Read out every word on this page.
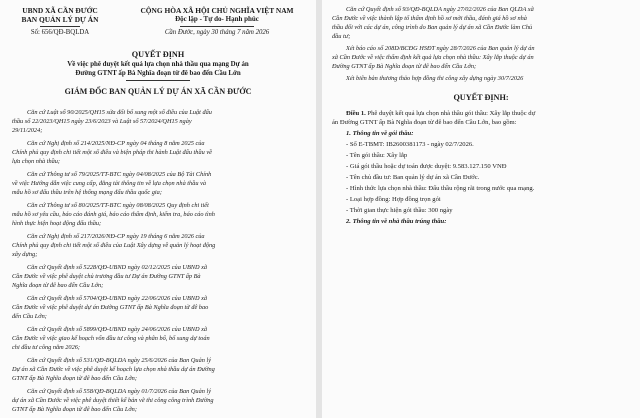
UBND XÃ CẦN ĐƯỚC
BAN QUẢN LÝ DỰ ÁN
Số: 656/QĐ-BQLDA
CỘNG HÒA XÃ HỘI CHỦ NGHĨA VIỆT NAM
Độc lập - Tự do- Hạnh phúc
Cần Đước, ngày 30 tháng 7 năm 2026
QUYẾT ĐỊNH
Về việc phê duyệt kết quả lựa chọn nhà thầu qua mạng Dự án
Đường GTNT ấp Bà Nghĩa đoạn từ đê bao đến Cầu Lớn
GIÁM ĐỐC BAN QUẢN LÝ DỰ ÁN XÃ CẦN ĐƯỚC
Căn cứ Luật số 90/2025/QH15 sửa đổi bổ sung một số điều của Luật đấu
thầu số 22/2023/QH15 ngày 23/6/2023 và Luật số 57/2024/QH15 ngày
29/11/2024;
Căn cứ Nghị định số 214/2025/NĐ-CP ngày 04 tháng 8 năm 2025 của
Chính phủ quy định chi tiết một số điều và biện pháp thi hành Luật đấu thầu về
lựa chọn nhà thầu;
Căn cứ Thông tư số 79/2025/TT-BTC ngày 04/08/2025 của Bộ Tài Chính
về việc Hướng dẫn việc cung cấp, đăng tải thông tin về lựa chọn nhà thầu và
mẫu hồ sơ đấu thầu trên hệ thống mạng đấu thầu quốc gia;
Căn cứ Thông tư số 80/2025/TT-BTC ngày 08/08/2025 Quy định chi tiết
mẫu hồ sơ yêu cầu, báo cáo đánh giá, báo cáo thẩm định, kiểm tra, báo cáo tình
hình thực hiện hoạt động đấu thầu;
Căn cứ Nghị định số 217/2026/NĐ-CP ngày 19 tháng 6 năm 2026 của
Chính phủ quy định chi tiết một số điều của Luật Xây dựng về quản lý hoạt động
xây dựng;
Căn cứ Quyết định số 5228/QĐ-UBND ngày 02/12/2025 của UBND xã
Cần Đước về việc phê duyệt chủ trương đầu tư Dự án Đường GTNT ấp Bà
Nghĩa đoạn từ đê bao đến Cầu Lớn;
Căn cứ Quyết định số 5704/QĐ-UBND ngày 22/06/2026 của UBND xã
Cần Đước về việc phê duyệt dự án Đường GTNT ấp Bà Nghĩa đoạn từ đê bao
đến Cầu Lớn;
Căn cứ Quyết định số 5899/QĐ-UBND ngày 24/06/2026 của UBND xã
Cần Đước về việc giao kế hoạch vốn đầu tư công và phân bổ, bổ sung dự toán
chi đầu tư công năm 2026;
Căn cứ Quyết định số 531/QĐ-BQLDA ngày 25/6/2026 của Ban Quản lý
Dự án xã Cần Đước về việc phê duyệt kế hoạch lựa chọn nhà thầu dự án Đường
GTNT ấp Bà Nghĩa đoạn từ đê bao đến Cầu Lớn;
Căn cứ Quyết định số 558/QĐ-BQLDA ngày 01/7/2026 của Ban Quản lý
dự án xã Cần Đước về việc phê duyệt thiết kế bản vẽ thi công công trình Đường
GTNT ấp Bà Nghĩa đoạn từ đê bao đến Cầu Lớn;
Căn cứ Quyết định số 93/QĐ-BQLDA ngày 27/02/2026 của Ban QLDA xã
Cần Đước về việc thành lập tổ thẩm định hồ sơ mời thầu, đánh giá hồ sơ nhà
thầu đối với các dự án, công trình do Ban quản lý dự án xã Cần Đước làm Chủ
đầu tư;
Xét báo cáo số 208D/BCĐG HSĐT ngày 28/7/2026 của Ban quản lý dự án
xã Cần Đước về việc thẩm định kết quả lựa chọn nhà thầu: Xây lắp thuộc dự án
Đường GTNT ấp Bà Nghĩa đoạn từ đê bao đến Cầu Lớn;
Xét biên bản thương thảo hợp đồng thi công xây dựng ngày 30/7/2026
QUYẾT ĐỊNH:
Điều 1. Phê duyệt kết quả lựa chọn nhà thầu gói thầu: Xây lắp thuộc dự
án Đường GTNT ấp Bà Nghĩa đoạn từ đê bao đến Cầu Lớn, bao gồm:
1. Thông tin về gói thầu:
- Số E-TBMT: IB2600381173 - ngày 02/7/2026.
- Tên gói thầu: Xây lắp
- Giá gói thầu hoặc dự toán được duyệt: 9.583.127.150 VNĐ
- Tên chủ đầu tư: Ban quản lý dự án xã Cần Đước.
- Hình thức lựa chọn nhà thầu: Đấu thầu rộng rãi trong nước qua mạng.
- Loại hợp đồng: Hợp đồng trọn gói
- Thời gian thực hiện gói thầu: 300 ngày
2. Thông tin về nhà thầu trúng thầu:
